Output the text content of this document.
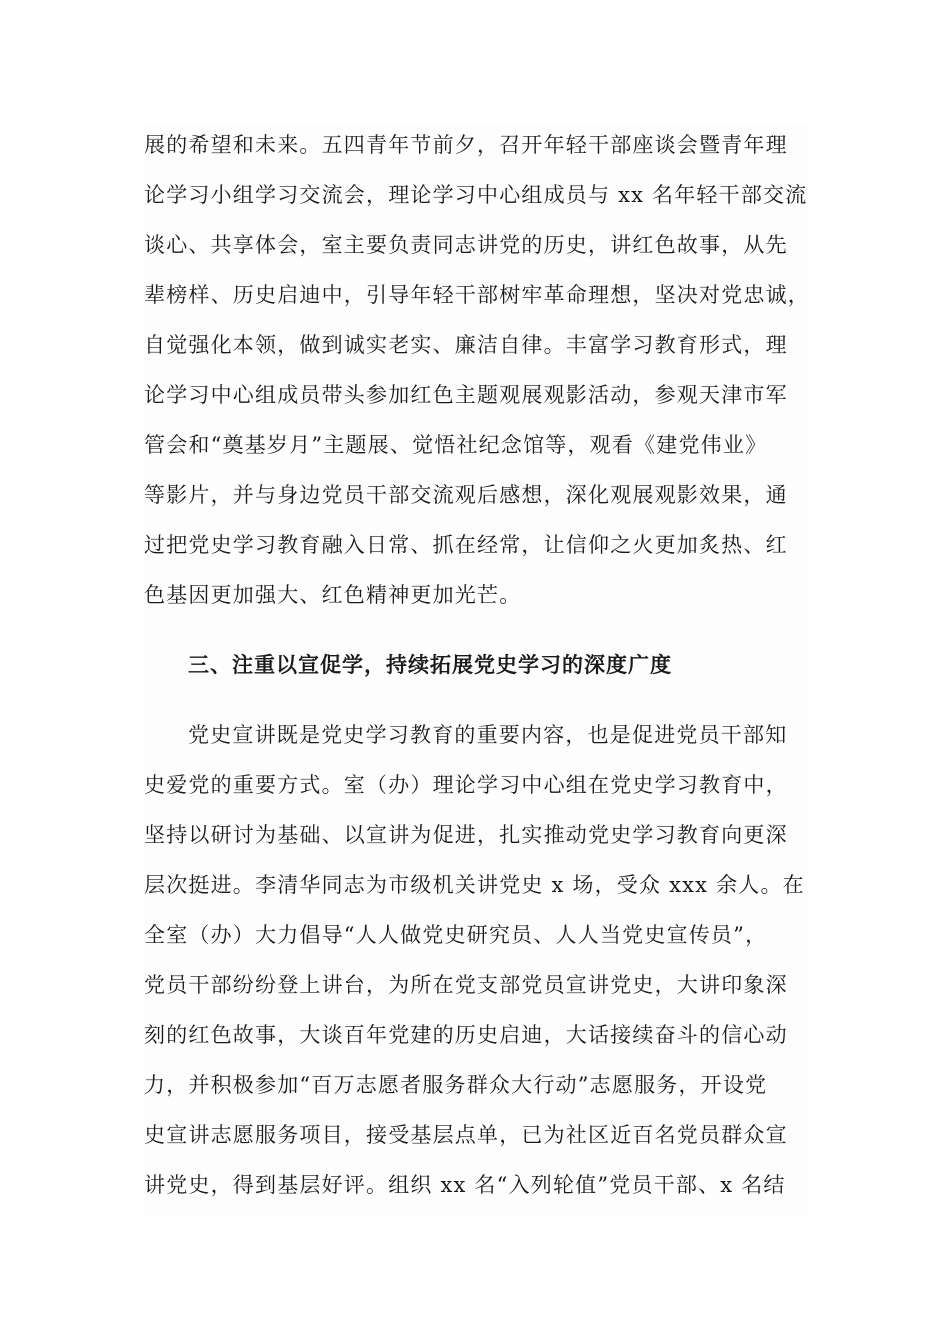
展的希望和未来。五四青年节前夕，召开年轻干部座谈会暨青年理
论学习小组学习交流会，理论学习中心组成员与 xx 名年轻干部交流
谈心、共享体会，室主要负责同志讲党的历史，讲红色故事，从先
辈榜样、历史启迪中，引导年轻干部树牢革命理想，坚决对党忠诚，
自觉强化本领，做到诚实老实、廉洁自律。丰富学习教育形式，理
论学习中心组成员带头参加红色主题观展观影活动，参观天津市军
管会和“奠基岁月”主题展、觉悟社纪念馆等，观看《建党伟业》
等影片，并与身边党员干部交流观后感想，深化观展观影效果，通
过把党史学习教育融入日常、抓在经常，让信仰之火更加炙热、红
色基因更加强大、红色精神更加光芒。
三、注重以宣促学，持续拓展党史学习的深度广度
党史宣讲既是党史学习教育的重要内容，也是促进党员干部知
史爱党的重要方式。室（办）理论学习中心组在党史学习教育中，
坚持以研讨为基础、以宣讲为促进，扎实推动党史学习教育向更深
层次挺进。李清华同志为市级机关讲党史 x 场，受众 xxx 余人。在
全室（办）大力倡导“人人做党史研究员、人人当党史宣传员”，
党员干部纷纷登上讲台，为所在党支部党员宣讲党史，大讲印象深
刻的红色故事，大谈百年党建的历史启迪，大话接续奋斗的信心动
力，并积极参加“百万志愿者服务群众大行动”志愿服务，开设党
史宣讲志愿服务项目，接受基层点单，已为社区近百名党员群众宣
讲党史，得到基层好评。组织 xx 名“入列轮值”党员干部、x 名结
